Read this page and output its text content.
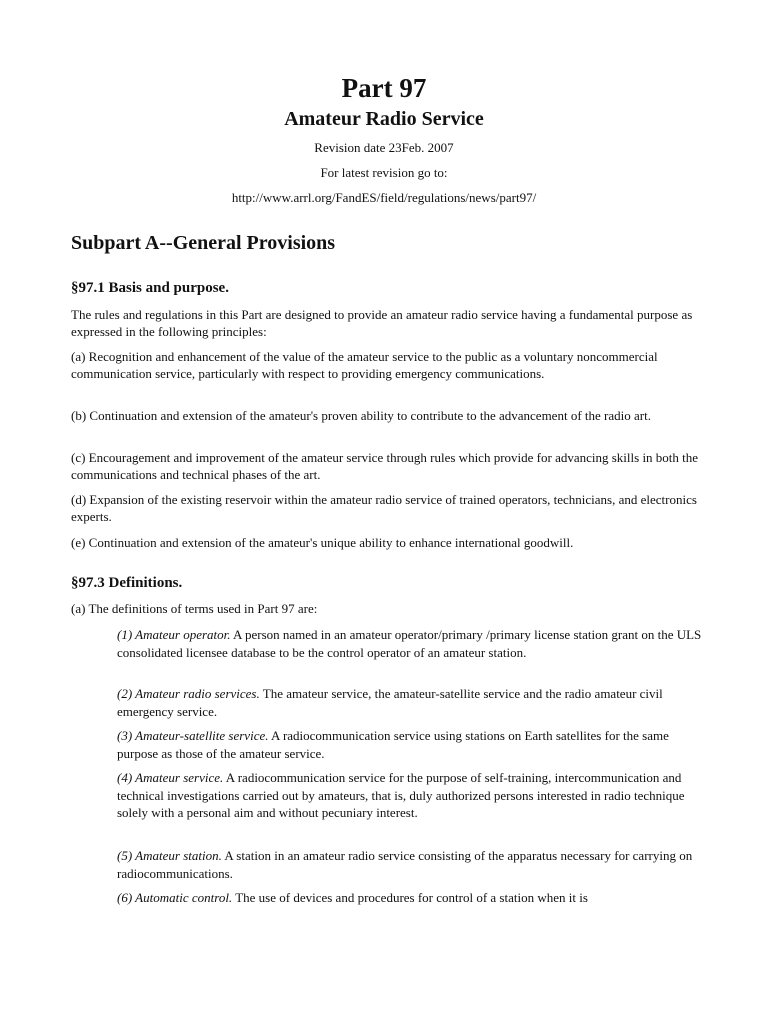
Part 97
Amateur Radio Service
Revision date 23Feb. 2007
For latest revision go to:
http://www.arrl.org/FandES/field/regulations/news/part97/
Subpart A--General Provisions
§97.1 Basis and purpose.
The rules and regulations in this Part are designed to provide an amateur radio service having a fundamental purpose as expressed in the following principles:
(a) Recognition and enhancement of the value of the amateur service to the public as a voluntary noncommercial communication service, particularly with respect to providing emergency communications.
(b) Continuation and extension of the amateur's proven ability to contribute to the advancement of the radio art.
(c) Encouragement and improvement of the amateur service through rules which provide for advancing skills in both the communications and technical phases of the art.
(d) Expansion of the existing reservoir within the amateur radio service of trained operators, technicians, and electronics experts.
(e) Continuation and extension of the amateur's unique ability to enhance international goodwill.
§97.3 Definitions.
(a) The definitions of terms used in Part 97 are:
(1) Amateur operator. A person named in an amateur operator/primary /primary license station grant on the ULS consolidated licensee database to be the control operator of an amateur station.
(2) Amateur radio services. The amateur service, the amateur-satellite service and the radio amateur civil emergency service.
(3) Amateur-satellite service. A radiocommunication service using stations on Earth satellites for the same purpose as those of the amateur service.
(4) Amateur service. A radiocommunication service for the purpose of self-training, intercommunication and technical investigations carried out by amateurs, that is, duly authorized persons interested in radio technique solely with a personal aim and without pecuniary interest.
(5) Amateur station. A station in an amateur radio service consisting of the apparatus necessary for carrying on radiocommunications.
(6) Automatic control. The use of devices and procedures for control of a station when it is
